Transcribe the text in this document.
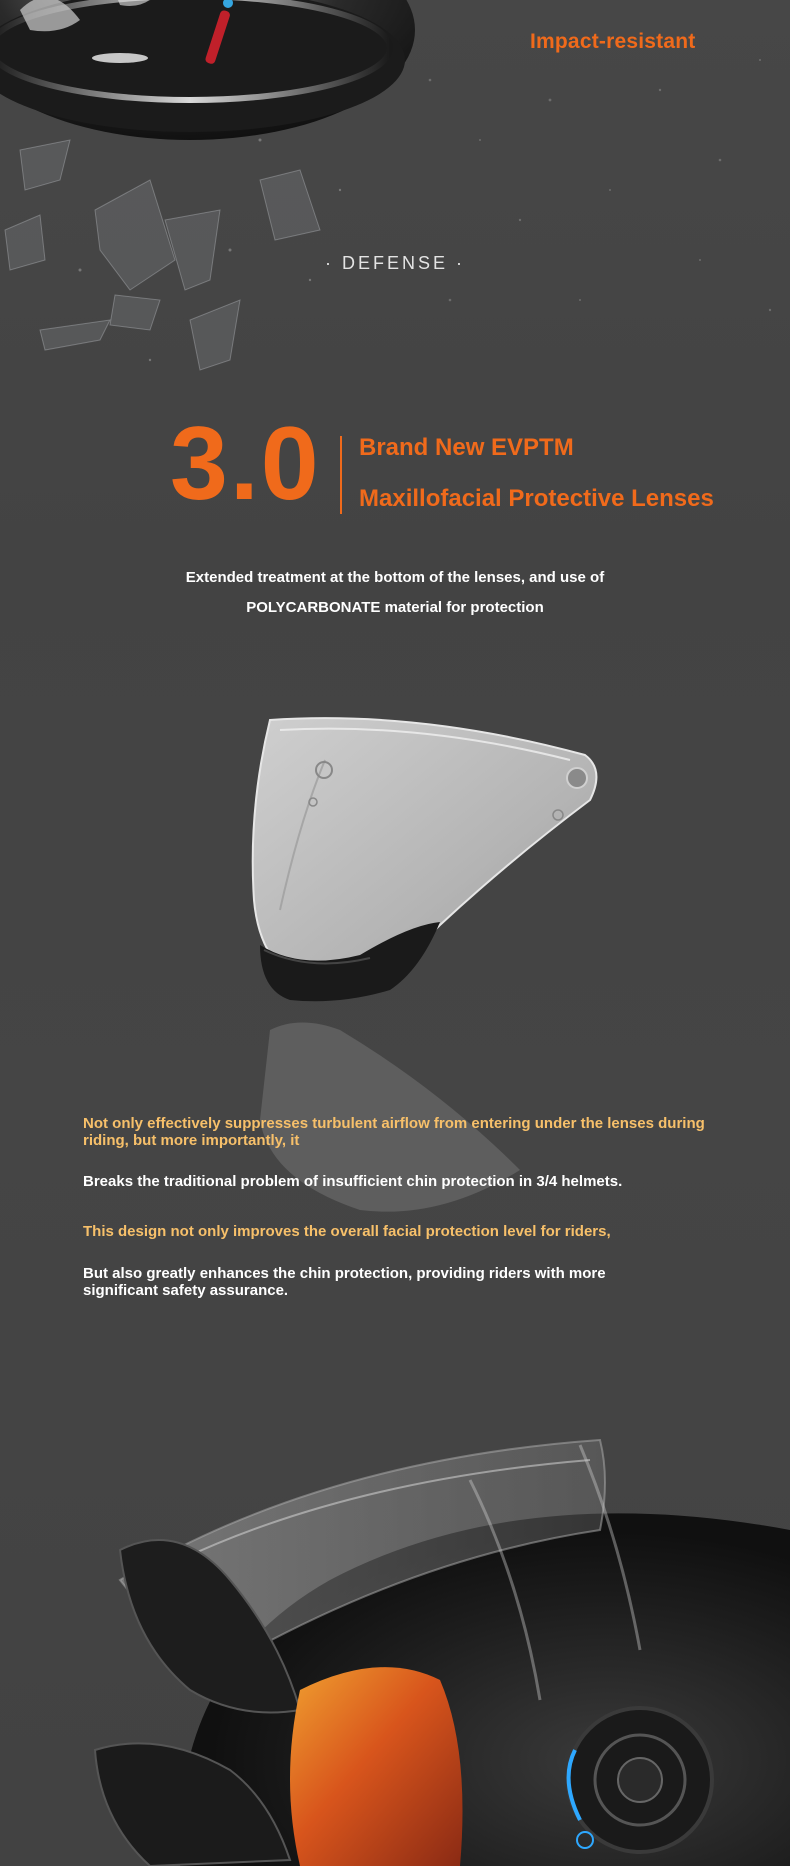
Impact-resistant
· DEFENSE ·
3.0 Brand New EVPTM
Maxillofacial Protective Lenses
Extended treatment at the bottom of the lenses, and use of
POLYCARBONATE material for protection
Not only effectively suppresses turbulent airflow from entering under the lenses during riding, but more importantly, it
Breaks the traditional problem of insufficient chin protection in 3/4 helmets.
This design not only improves the overall facial protection level for riders,
But also greatly enhances the chin protection, providing riders with more significant safety assurance.
